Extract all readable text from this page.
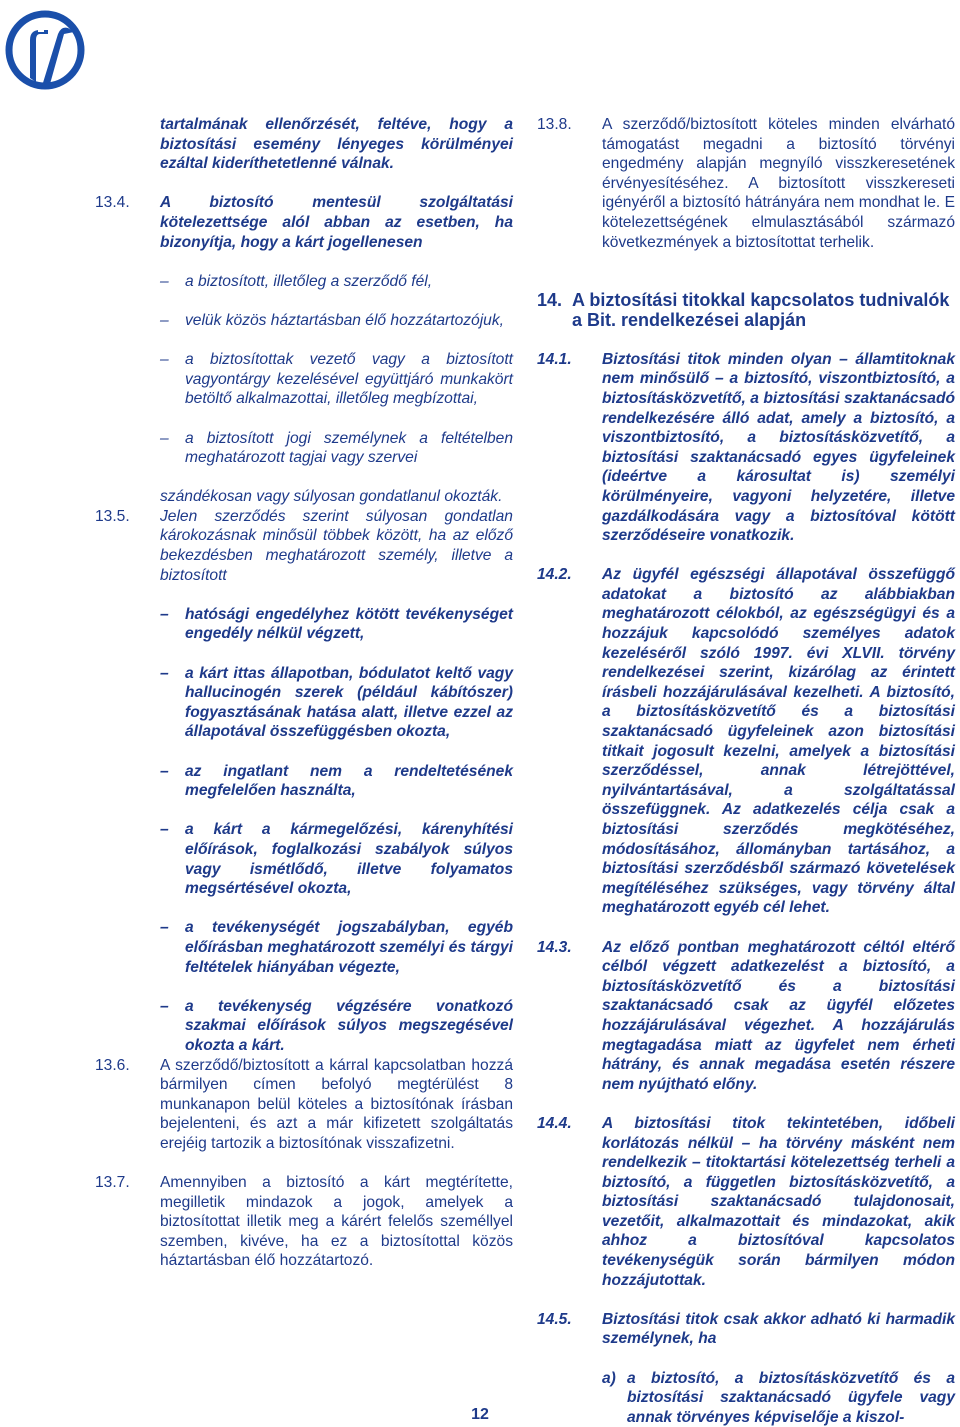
tartalmának ellenőrzését, feltéve, hogy a biztosítási esemény lényeges körülményei ezáltal kideríthetetlenné válnak.
13.4.	A biztosító mentesül szolgáltatási kötelezettsége alól abban az esetben, ha bizonyítja, hogy a kárt jogellenesen
–	a biztosított, illetőleg a szerződő fél,
–	velük közös háztartásban élő hozzátartozójuk,
–	a biztosítottak vezető vagy a biztosított vagyontárgy kezelésével együttjáró munkakört betöltő alkalmazottai, illetőleg megbízottai,
–	a biztosított jogi személynek a feltételben meghatározott tagjai vagy szervei
szándékosan vagy súlyosan gondatlanul okozták.
13.5.	Jelen szerződés szerint súlyosan gondatlan károkozásnak minősül többek között, ha az előző bekezdésben meghatározott személy, illetve a biztosított
–	hatósági engedélyhez kötött tevékenységet engedély nélkül végzett,
–	a kárt ittas állapotban, bódulatot keltő vagy hallucinogén szerek (például kábítószer) fogyasztásának hatása alatt, illetve ezzel az állapotával összefüggésben okozta,
–	az ingatlant nem a rendeltetésének megfelelően használta,
–	a kárt a kármegelőzési, kárenyhítési előírások, foglalkozási szabályok súlyos vagy ismétlődő, illetve folyamatos megsértésével okozta,
–	a tevékenységét jogszabályban, egyéb előírásban meghatározott személyi és tárgyi feltételek hiányában végezte,
–	a tevékenység végzésére vonatkozó szakmai előírások súlyos megszegésével okozta a kárt.
13.6.	A szerződő/biztosított a kárral kapcsolatban hozzá bármilyen címen befolyó megtérülést 8 munkanapon belül köteles a biztosítónak írásban bejelenteni, és azt a már kifizetett szolgáltatás erejéig tartozik a biztosítónak visszafizetni.
13.7.	Amennyiben a biztosító a kárt megtérítette, megilletik mindazok a jogok, amelyek a biztosítottat illetik meg a kárért felelős személlyel szemben, kivéve, ha ez a biztosítottal közös háztartásban élő hozzátartozó.
13.8.	A szerződő/biztosított köteles minden elvárható támogatást megadni a biztosító törvényi engedmény alapján megnyíló visszkeresetének érvényesítéséhez. A biztosított visszkereseti igényéről a biztosító hátrányára nem mondhat le. E kötelezettségének elmulasztásából származó következmények a biztosítottat terhelik.
14. A biztosítási titokkal kapcsolatos tudnivalók a Bit. rendelkezései alapján
14.1.	Biztosítási titok minden olyan – államtitoknak nem minősülő – a biztosító, viszontbiztosító, a biztosításközvetítő, a biztosítási szaktanácsadó rendelkezésére álló adat, amely a biztosító, a viszontbiztosító, a biztosításközvetítő, a biztosítási szaktanácsadó egyes ügyfeleinek (ideértve a károsultat is) személyi körülményeire, vagyoni helyzetére, illetve gazdálkodására vagy a biztosítóval kötött szerződéseire vonatkozik.
14.2.	Az ügyfél egészségi állapotával összefüggő adatokat a biztosító az alábbiakban meghatározott célokból, az egészségügyi és a hozzájuk kapcsolódó személyes adatok kezeléséről szóló 1997. évi XLVII. törvény rendelkezései szerint, kizárólag az érintett írásbeli hozzájárulásával kezelheti. A biztosító, a biztosításközvetítő és a biztosítási szaktanácsadó ügyfeleinek azon biztosítási titkait jogosult kezelni, amelyek a biztosítási szerződéssel, annak létrejöttével, nyilvántartásával, a szolgáltatással összefüggnek. Az adatkezelés célja csak a biztosítási szerződés megkötéséhez, módosításához, állományban tartásához, a biztosítási szerződésből származó követelések megítéléséhez szükséges, vagy törvény által meghatározott egyéb cél lehet.
14.3.	Az előző pontban meghatározott céltól eltérő célból végzett adatkezelést a biztosító, a biztosításközvetítő és a biztosítási szaktanácsadó csak az ügyfél előzetes hozzájárulásával végezhet. A hozzájárulás megtagadása miatt az ügyfelet nem érheti hátrány, és annak megadása esetén részere nem nyújtható előny.
14.4.	A biztosítási titok tekintetében, időbeli korlátozás nélkül – ha törvény másként nem rendelkezik – titoktartási kötelezettség terheli a biztosító, a független biztosításközvetítő, a biztosítási szaktanácsadó tulajdonosait, vezetőit, alkalmazottait és mindazokat, akik ahhoz a biztosítóval kapcsolatos tevékenységük során bármilyen módon hozzájutottak.
14.5.	Biztosítási titok csak akkor adható ki harmadik személynek, ha
a) a biztosító, a biztosításközvetítő és a biztosítási szaktanácsadó ügyfele vagy annak törvényes képviselője a kiszol-
12
